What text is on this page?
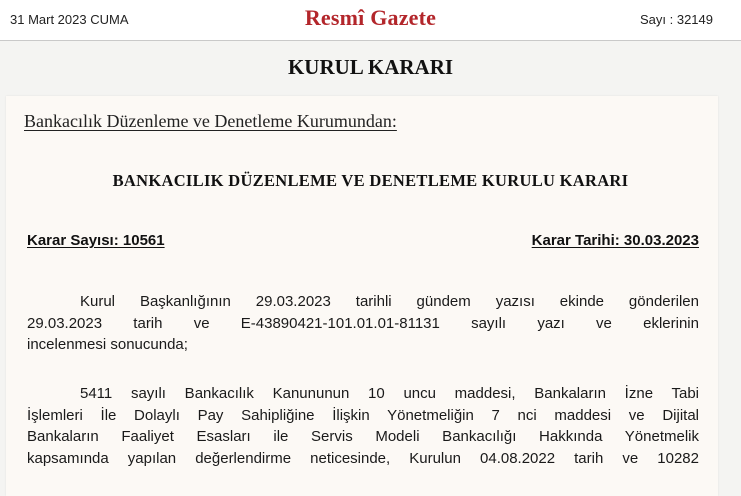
31 Mart 2023 CUMA	Resmî Gazete	Sayı : 32149
KURUL KARARI
Bankacılık Düzenleme ve Denetleme Kurumundan:
BANKACILIK DÜZENLEME VE DENETLEME KURULU KARARI
Karar Sayısı: 10561	Karar Tarihi: 30.03.2023

Kurul Başkanlığının 29.03.2023 tarihli gündem yazısı ekinde gönderilen
29.03.2023 tarih ve E-43890421-101.01.01-81131 sayılı yazı ve eklerinin
incelenmesi sonucunda;

5411 sayılı Bankacılık Kanununun 10 uncu maddesi, Bankaların İzne Tabi
İşlemleri İle Dolaylı Pay Sahipliğine İlişkin Yönetmeliğin 7 nci maddesi ve Dijital
Bankaların Faaliyet Esasları ile Servis Modeli Bankacılığı Hakkında Yönetmelik
kapsamında yapılan değerlendirme neticesinde, Kurulun 04.08.2022 tarih ve 10282
